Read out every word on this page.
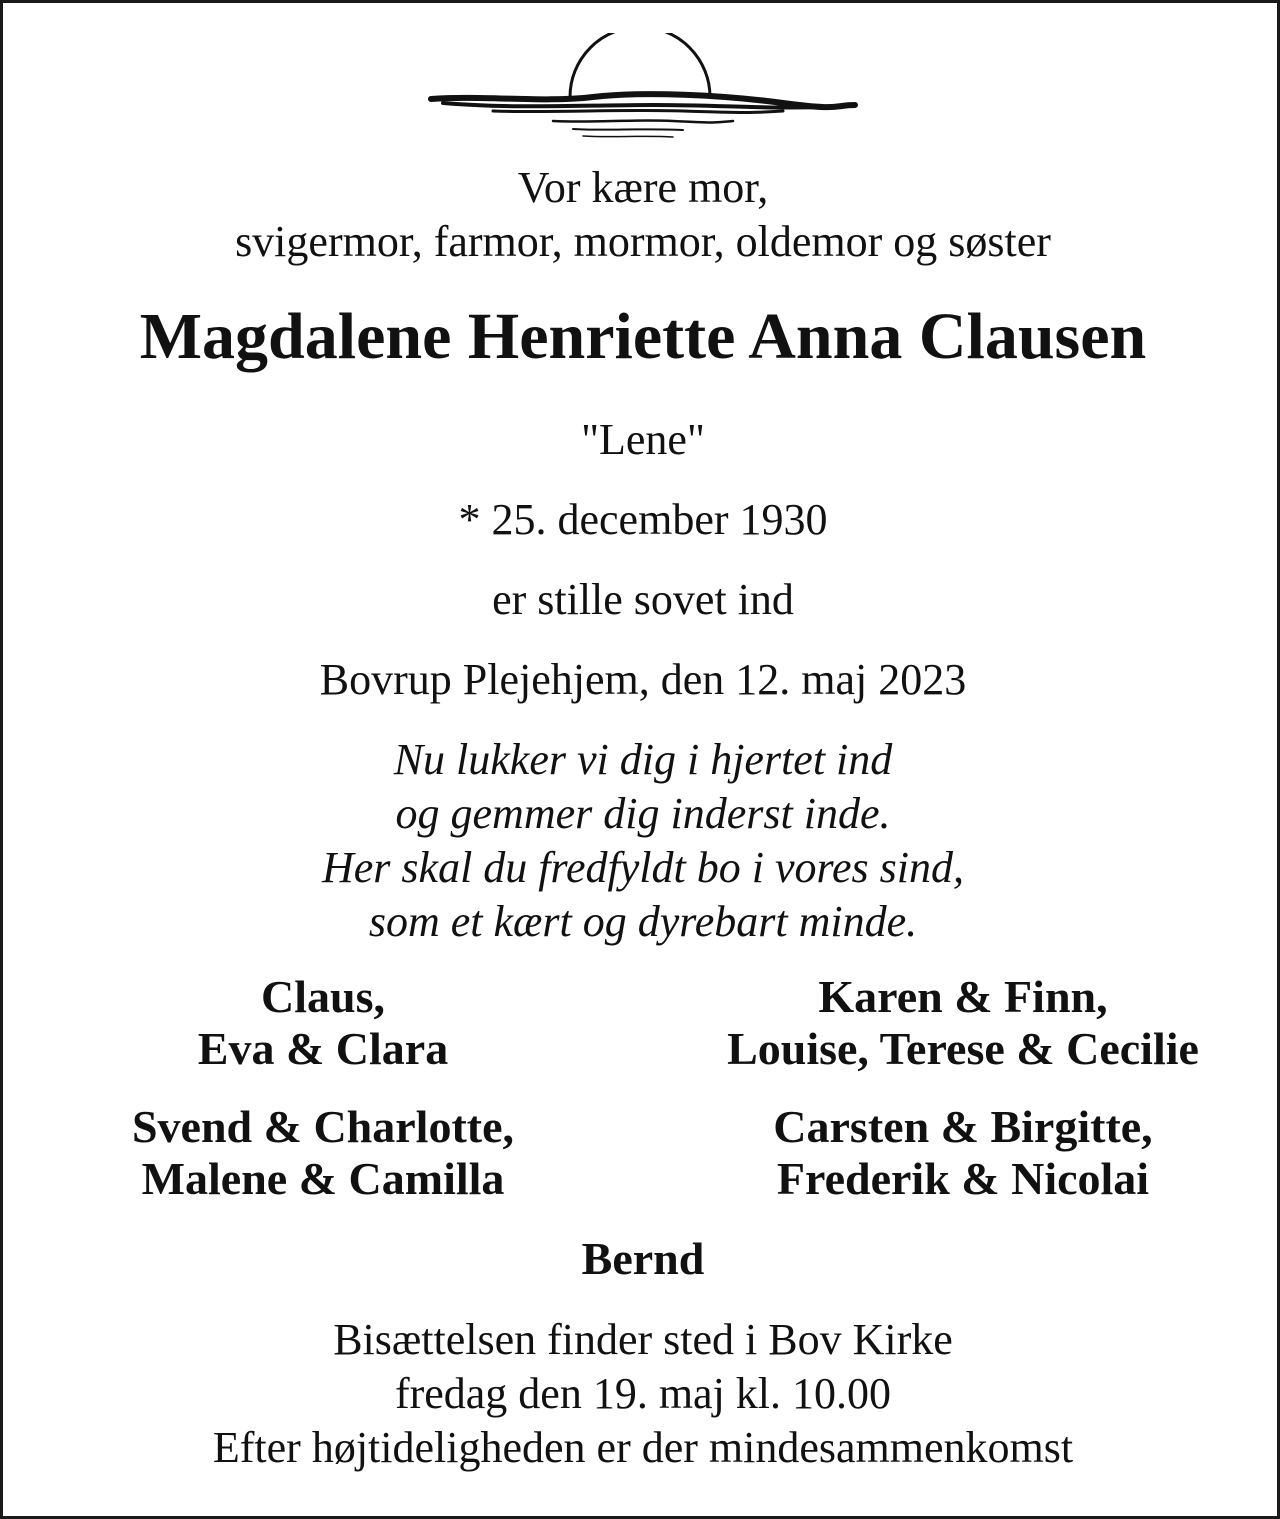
Vor kære mor,
svigermor, farmor, mormor, oldemor og søster
Magdalene Henriette Anna Clausen
"Lene"
* 25. december 1930
er stille sovet ind
Bovrup Plejehjem, den 12. maj 2023
Nu lukker vi dig i hjertet ind
og gemmer dig inderst inde.
Her skal du fredfyldt bo i vores sind,
som et kært og dyrebart minde.
Claus,
Eva & Clara
Karen & Finn,
Louise, Terese & Cecilie
Svend & Charlotte,
Malene & Camilla
Carsten & Birgitte,
Frederik & Nicolai
Bernd
Bisættelsen finder sted i Bov Kirke
fredag den 19. maj kl. 10.00
Efter højtideligheden er der mindesammenkomst
